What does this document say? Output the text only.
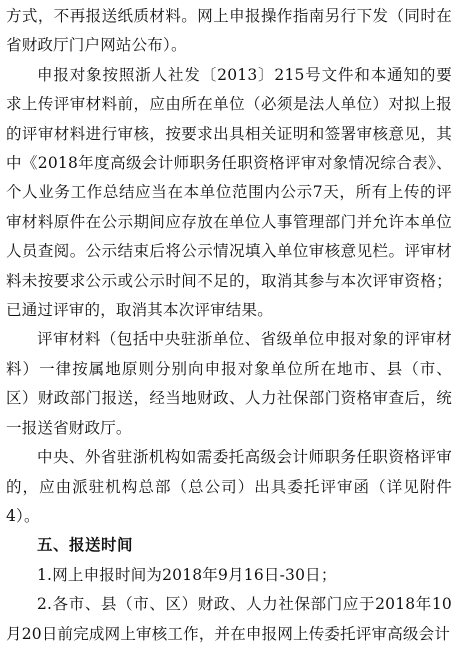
方式，不再报送纸质材料。网上申报操作指南另行下发（同时在省财政厅门户网站公布）。

申报对象按照浙人社发〔2013〕215号文件和本通知的要求上传评审材料前，应由所在单位（必须是法人单位）对拟上报的评审材料进行审核，按要求出具相关证明和签署审核意见，其中《2018年度高级会计师职务任职资格评审对象情况综合表》、个人业务工作总结应当在本单位范围内公示7天，所有上传的评审材料原件在公示期间应存放在单位人事管理部门并允许本单位人员查阅。公示结束后将公示情况填入单位审核意见栏。评审材料未按要求公示或公示时间不足的，取消其参与本次评审资格；已通过评审的，取消其本次评审结果。

评审材料（包括中央驻浙单位、省级单位申报对象的评审材料）一律按属地原则分别向申报对象单位所在地市、县（市、区）财政部门报送，经当地财政、人力社保部门资格审查后，统一报送省财政厅。

中央、外省驻浙机构如需委托高级会计师职务任职资格评审的，应由派驻机构总部（总公司）出具委托评审函（详见附件4）。

五、报送时间

1.网上申报时间为2018年9月16日-30日；

2.各市、县（市、区）财政、人力社保部门应于2018年10月20日前完成网上审核工作，并在申报网上传委托评审高级会计
